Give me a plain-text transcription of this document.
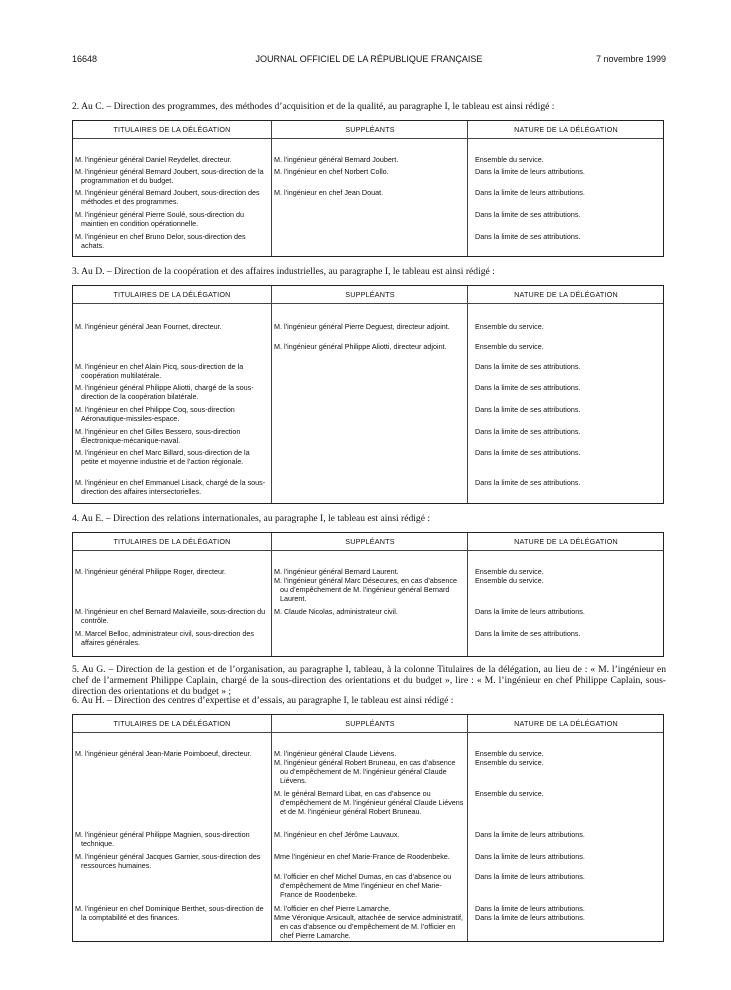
16648	JOURNAL OFFICIEL DE LA RÉPUBLIQUE FRANÇAISE	7 novembre 1999
2. Au C. – Direction des programmes, des méthodes d’acquisition et de la qualité, au paragraphe I, le tableau est ainsi rédigé :
TITULAIRES DE LA DÉLÉGATION
M. l’ingénieur général Daniel Reydellet, directeur.
M. l’ingénieur général Bernard Joubert, sous-direction de la programmation et du budget.
M. l’ingénieur général Bernard Joubert, sous-direction des méthodes et des programmes.
M. l’ingénieur général Pierre Soulé, sous-direction du maintien en condition opérationnelle.
M. l’ingénieur en chef Bruno Delor, sous-direction des achats.
SUPPLÉANTS
M. l’ingénieur général Bernard Joubert.
M. l’ingénieur en chef Norbert Collo.
M. l’ingénieur en chef Jean Douat.
NATURE DE LA DÉLÉGATION
Ensemble du service.
Dans la limite de leurs attributions.
Dans la limite de leurs attributions.
Dans la limite de ses attributions.
Dans la limite de ses attributions.
3. Au D. – Direction de la coopération et des affaires industrielles, au paragraphe I, le tableau est ainsi rédigé :
TITULAIRES DE LA DÉLÉGATION
M. l’ingénieur général Jean Fournet, directeur.
M. l’ingénieur en chef Alain Picq, sous-direction de la coopération multilatérale.
M. l’ingénieur général Philippe Aliotti, chargé de la sous-direction de la coopération bilatérale.
M. l’ingénieur en chef Philippe Coq, sous-direction Aéronautique-missiles-espace.
M. l’ingénieur en chef Gilles Bessero, sous-direction Électronique-mécanique-naval.
M. l’ingénieur en chef Marc Billard, sous-direction de la petite et moyenne industrie et de l’action régionale.
M. l’ingénieur en chef Emmanuel Lisack, chargé de la sous-direction des affaires intersectorielles.
SUPPLÉANTS
M. l’ingénieur général Pierre Deguest, directeur adjoint.
M. l’ingénieur général Philippe Aliotti, directeur adjoint.
NATURE DE LA DÉLÉGATION
Ensemble du service.
Ensemble du service.
Dans la limite de ses attributions.
Dans la limite de ses attributions.
Dans la limite de ses attributions.
Dans la limite de ses attributions.
Dans la limite de ses attributions.
Dans la limite de ses attributions.
4. Au E. – Direction des relations internationales, au paragraphe I, le tableau est ainsi rédigé :
TITULAIRES DE LA DÉLÉGATION
M. l’ingénieur général Philippe Roger, directeur.
M. l’ingénieur en chef Bernard Malavieille, sous-direction du contrôle.
M. Marcel Belloc, administrateur civil, sous-direction des affaires générales.
SUPPLÉANTS
M. l’ingénieur général Bernard Laurent.
M. l’ingénieur général Marc Désecures, en cas d’absence ou d’empêchement de M. l’ingénieur général Bernard Laurent.
M. Claude Nicolas, administrateur civil.
NATURE DE LA DÉLÉGATION
Ensemble du service.
Ensemble du service.
Dans la limite de leurs attributions.
Dans la limite de ses attributions.
5. Au G. – Direction de la gestion et de l’organisation, au paragraphe I, tableau, à la colonne Titulaires de la délégation, au lieu de : « M. l’ingénieur en chef de l’armement Philippe Caplain, chargé de la sous-direction des orientations et du budget », lire : « M. l’ingénieur en chef Philippe Caplain, sous-direction des orientations et du budget » ;
6. Au H. – Direction des centres d’expertise et d’essais, au paragraphe I, le tableau est ainsi rédigé :
TITULAIRES DE LA DÉLÉGATION
M. l’ingénieur général Jean-Marie Poimboeuf, directeur.
M. l’ingénieur général Philippe Magnien, sous-direction technique.
M. l’ingénieur général Jacques Garnier, sous-direction des ressources humaines.
M. l’ingénieur en chef Dominique Berthet, sous-direction de la comptabilité et des finances.
SUPPLÉANTS
M. l’ingénieur général Claude Liévens.
M. l’ingénieur général Robert Bruneau, en cas d’absence ou d’empêchement de M. l’ingénieur général Claude Liévens.
M. le général Bernard Libat, en cas d’absence ou d’empêchement de M. l’ingénieur général Claude Liévens et de M. l’ingénieur général Robert Bruneau.
M. l’ingénieur en chef Jérôme Lauvaux.
Mme l’ingénieur en chef Marie-France de Roodenbeke.
M. l’officier en chef Michel Dumas, en cas d’absence ou d’empêchement de Mme l’ingénieur en chef Marie-France de Roodenbeke.
M. l’officier en chef Pierre Lamarche.
Mme Véronique Arsicault, attachée de service administratif, en cas d’absence ou d’empêchement de M. l’officier en chef Pierre Lamarche.
NATURE DE LA DÉLÉGATION
Ensemble du service.
Ensemble du service.
Ensemble du service.
Dans la limite de leurs attributions.
Dans la limite de leurs attributions.
Dans la limite de leurs attributions.
Dans la limite de leurs attributions.
Dans la limite de leurs attributions.
